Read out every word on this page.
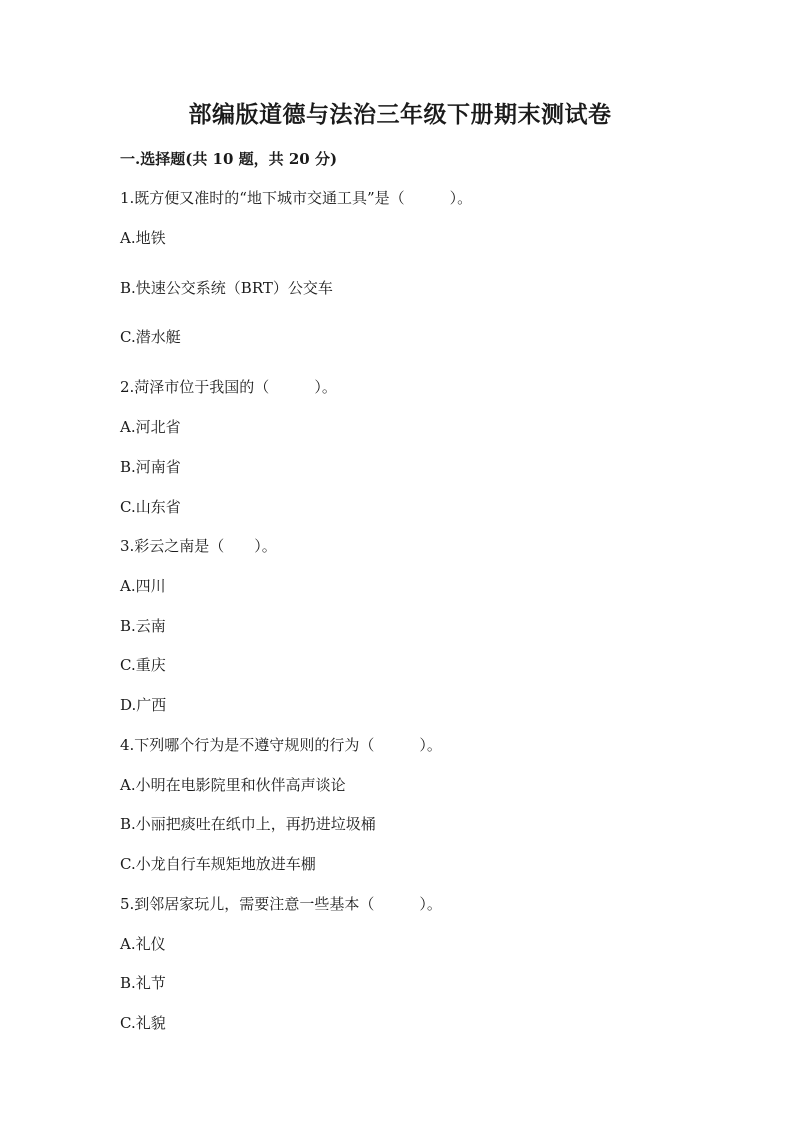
部编版道德与法治三年级下册期末测试卷
一.选择题(共 10 题，共 20 分)
1.既方便又准时的“地下城市交通工具”是（　　　）。
A.地铁
B.快速公交系统（BRT）公交车
C.潜水艇
2.菏泽市位于我国的（　　　）。
A.河北省
B.河南省
C.山东省
3.彩云之南是（　　）。
A.四川
B.云南
C.重庆
D.广西
4.下列哪个行为是不遵守规则的行为（　　　）。
A.小明在电影院里和伙伴高声谈论
B.小丽把痰吐在纸巾上，再扔进垃圾桶
C.小龙自行车规矩地放进车棚
5.到邻居家玩儿，需要注意一些基本（　　　）。
A.礼仪
B.礼节
C.礼貌
